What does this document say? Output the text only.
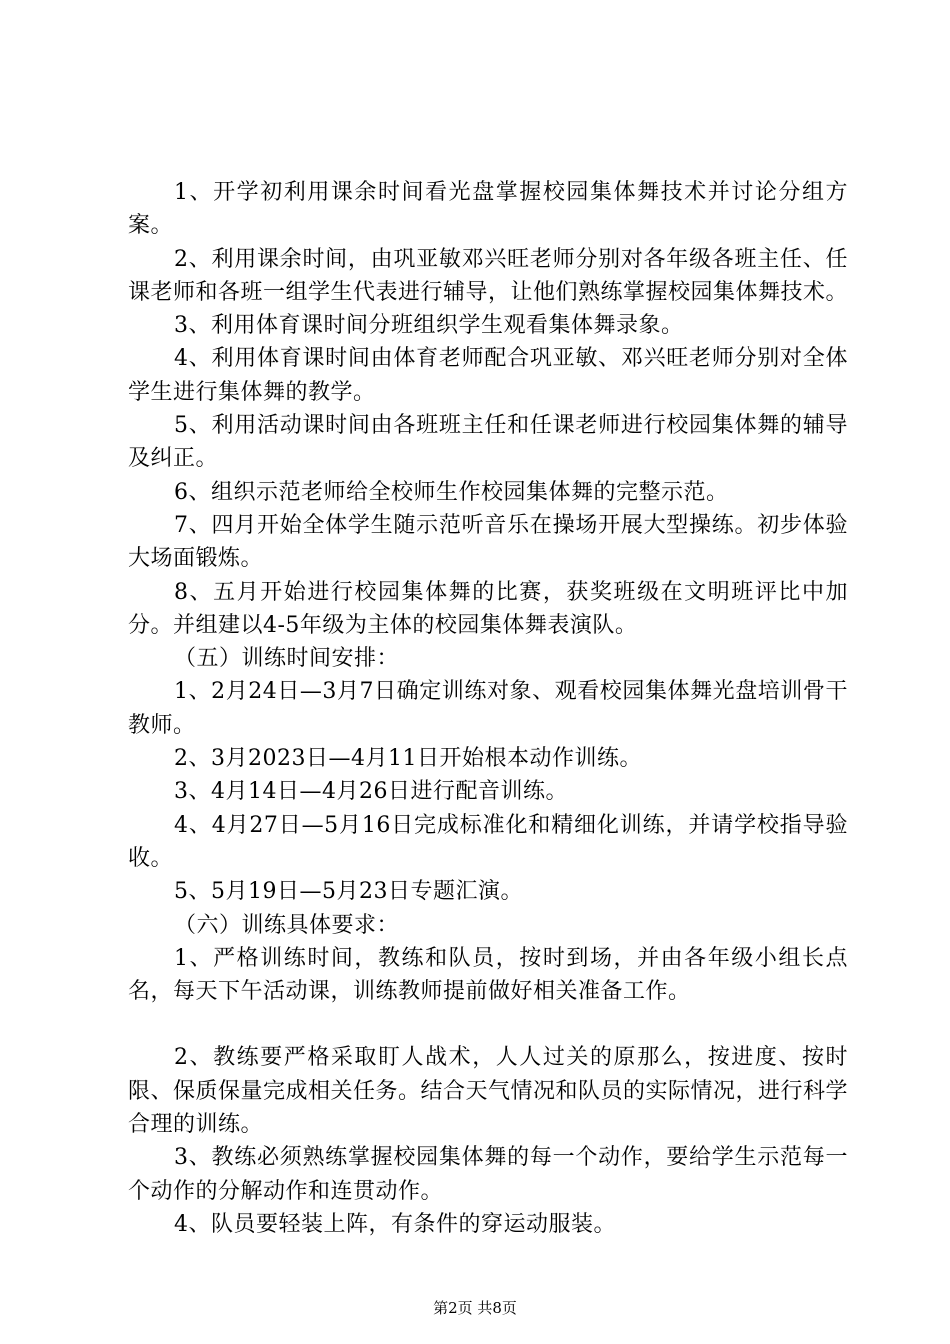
1、开学初利用课余时间看光盘掌握校园集体舞技术并讨论分组方案。

2、利用课余时间，由巩亚敏邓兴旺老师分别对各年级各班主任、任课老师和各班一组学生代表进行辅导，让他们熟练掌握校园集体舞技术。

3、利用体育课时间分班组织学生观看集体舞录象。

4、利用体育课时间由体育老师配合巩亚敏、邓兴旺老师分别对全体学生进行集体舞的教学。

5、利用活动课时间由各班班主任和任课老师进行校园集体舞的辅导及纠正。

6、组织示范老师给全校师生作校园集体舞的完整示范。

7、四月开始全体学生随示范听音乐在操场开展大型操练。初步体验大场面锻炼。

8、五月开始进行校园集体舞的比赛，获奖班级在文明班评比中加分。并组建以4-5年级为主体的校园集体舞表演队。

（五）训练时间安排：

1、2月24日—3月7日确定训练对象、观看校园集体舞光盘培训骨干教师。

2、3月2023日—4月11日开始根本动作训练。

3、4月14日—4月26日进行配音训练。

4、4月27日—5月16日完成标准化和精细化训练，并请学校指导验收。

5、5月19日—5月23日专题汇演。

（六）训练具体要求：

1、严格训练时间，教练和队员，按时到场，并由各年级小组长点名，每天下午活动课，训练教师提前做好相关准备工作。

2、教练要严格采取盯人战术，人人过关的原那么，按进度、按时限、保质保量完成相关任务。结合天气情况和队员的实际情况，进行科学合理的训练。

3、教练必须熟练掌握校园集体舞的每一个动作，要给学生示范每一个动作的分解动作和连贯动作。

4、队员要轻装上阵，有条件的穿运动服装。

第2页 共8页
